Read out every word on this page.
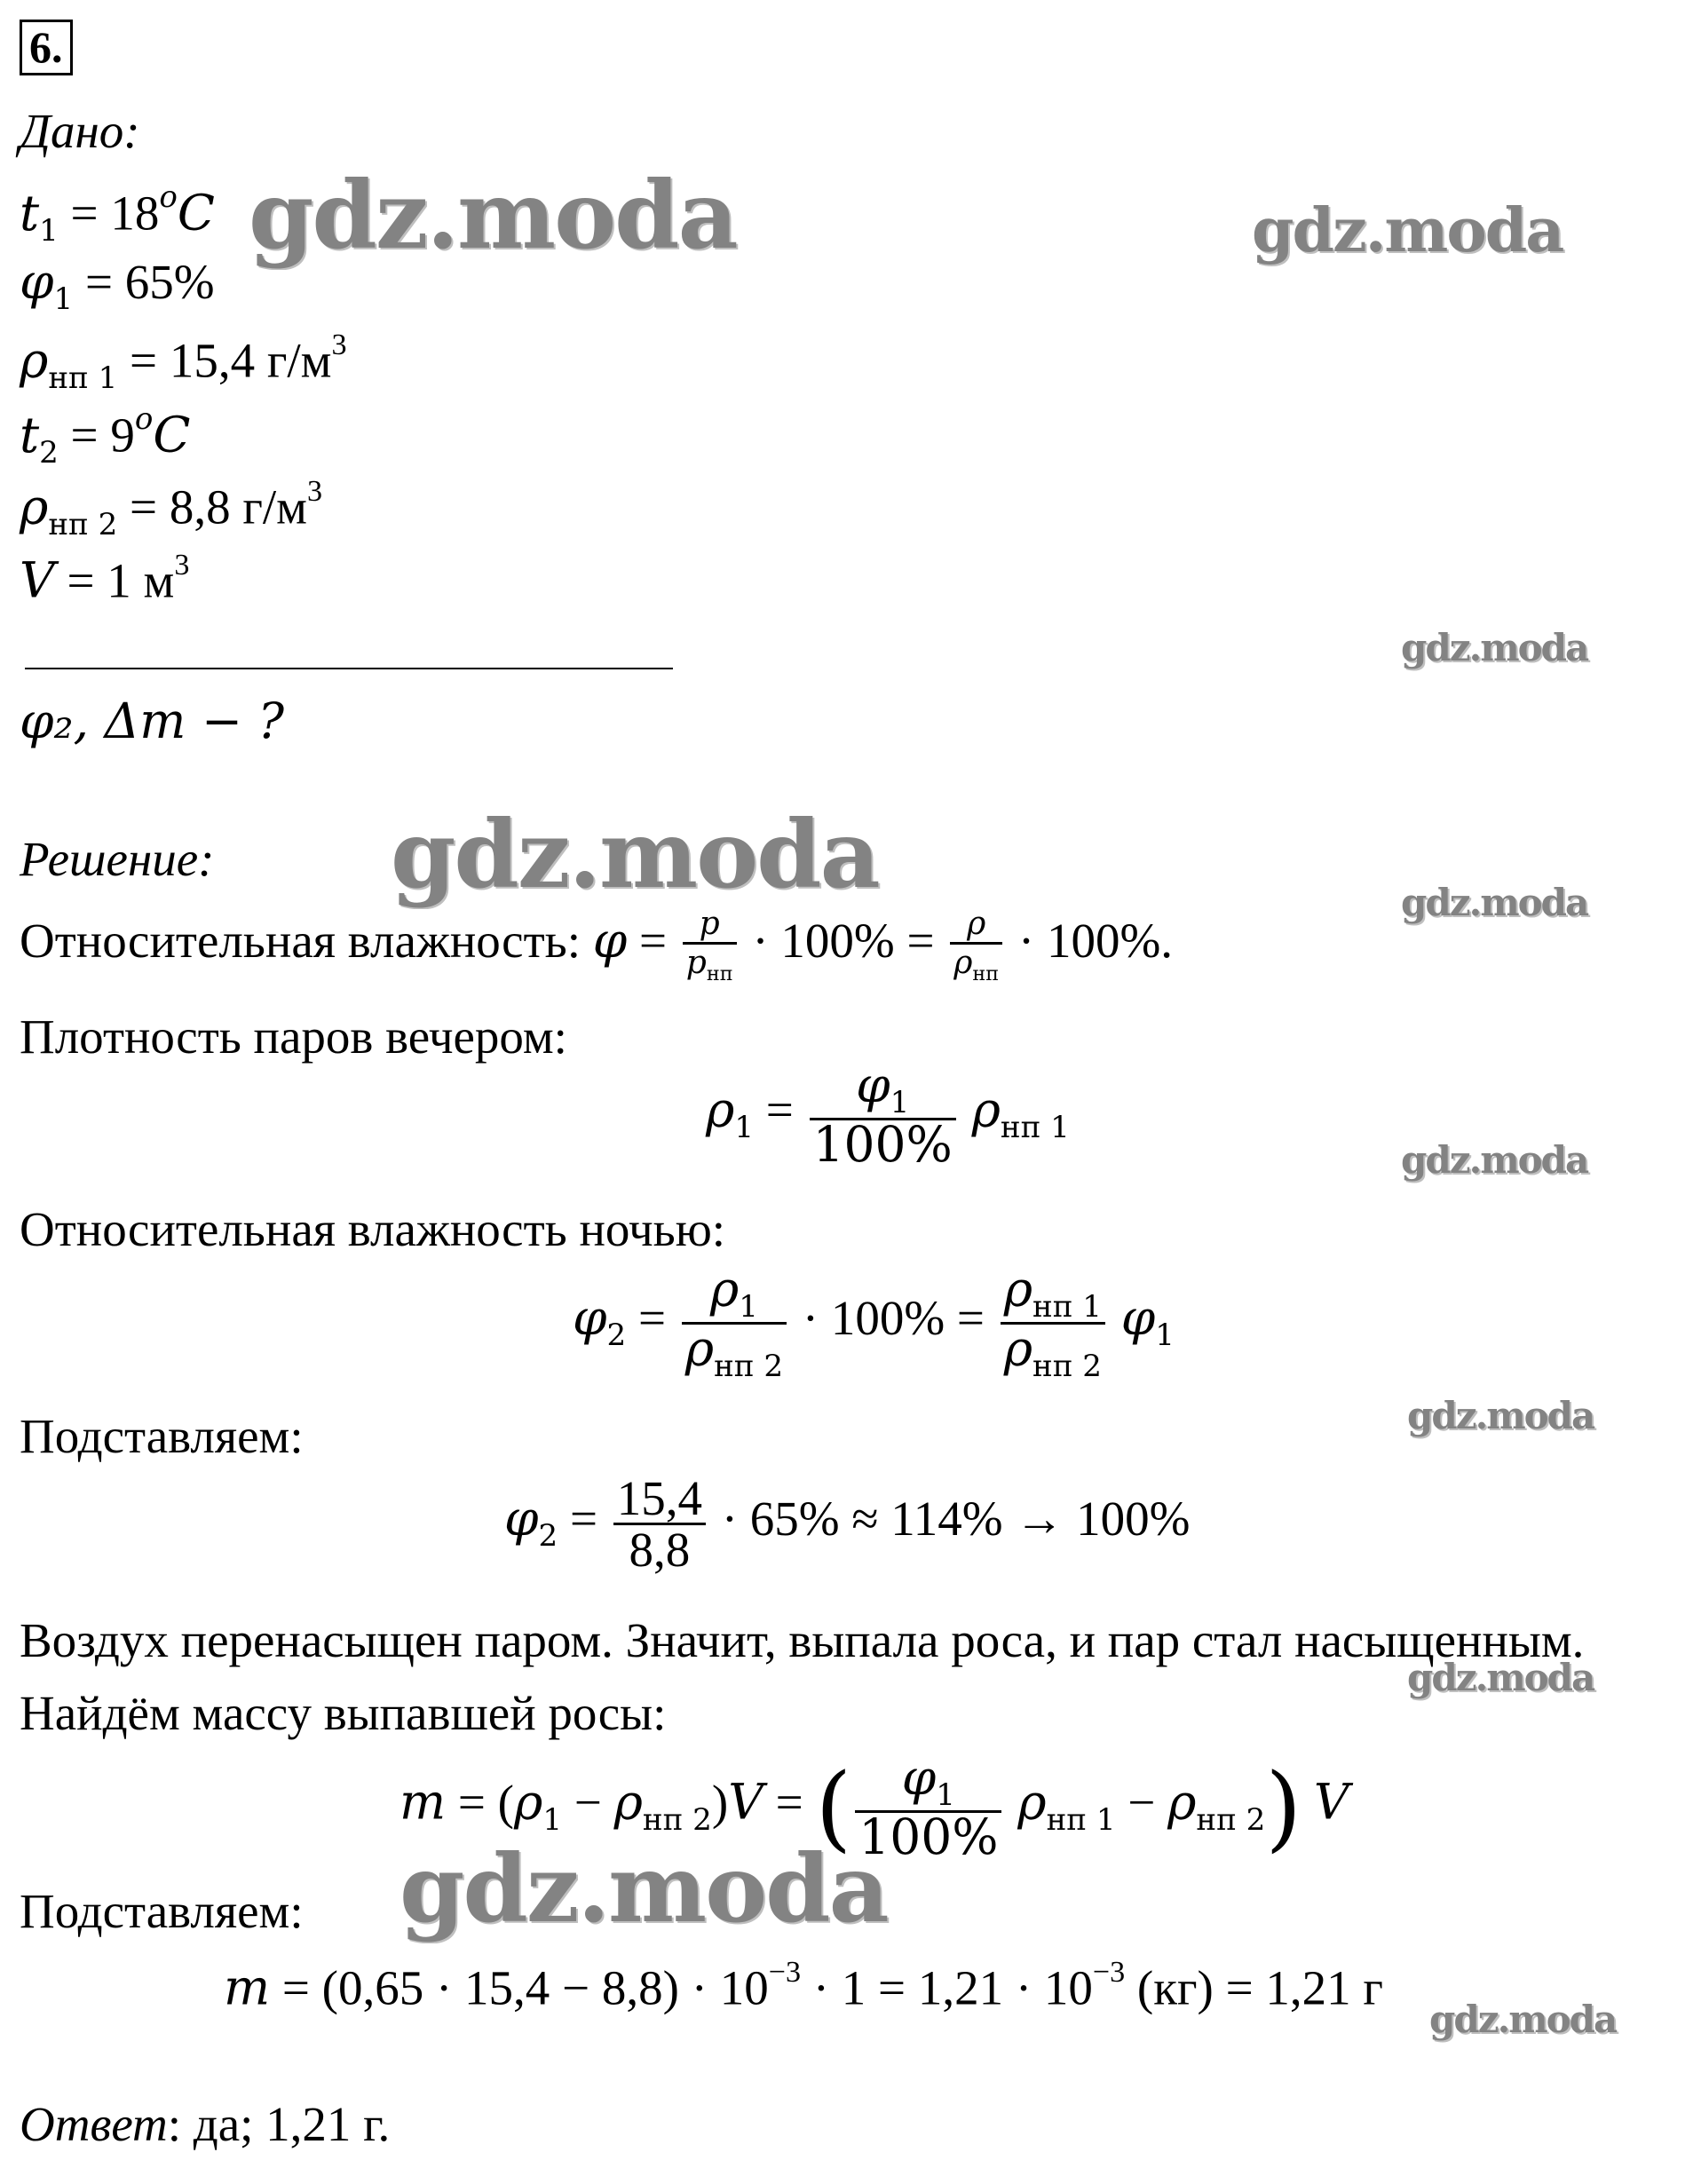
6.
Дано:
$t_1 = 18^oC$
$\varphi_1 = 65\%$
$\rho_{нп 1} = 15,4$ $г/м^3$
$t_2 = 9^oC$
$\rho_{нп 2} = 8,8$ $г/м^3$
V = 1 $м^3$
φ₂, Δm − ?
Решение:
Относительная влажность: $\varphi = \frac{p}{p_{нп}} \cdot 100\% = \frac{\rho}{\rho_{нп}} \cdot 100\%$.
Плотность паров вечером:
$\rho_1 = \frac{\varphi_1}{100\%} \rho_{нп 1}$
Относительная влажность ночью:
$\varphi_2 = \frac{\rho_1}{\rho_{нп 2}} \cdot 100\% = \frac{\rho_{нп 1}}{\rho_{нп 2}} \varphi_1$
Подставляем:
$\varphi_2 = \frac{15,4}{8,8} \cdot 65\% \approx 114\% \to 100\%$
Воздух перенасыщен паром. Значит, выпала роса, и пар стал насыщенным.
Найдём массу выпавшей росы:
$m = (\rho_1 - \rho_{нп 2})V$ = ( $\frac{\varphi_1}{100\%} \rho_{нп 1} - \rho_{нп 2}$) V
Подставляем:
$m = (0,65 \cdot 15,4 - 8,8) \cdot 10^{-3} \cdot 1 = 1,21 \cdot 10^{-3}$ (кг) = 1,21 г
Ответ: да; 1,21 г.
gdz.moda	gdz.moda
gdz.moda
gdz.moda	gdz.moda
gdz.moda
gdz.moda
gdz.moda
gdz.moda
gdz.moda
